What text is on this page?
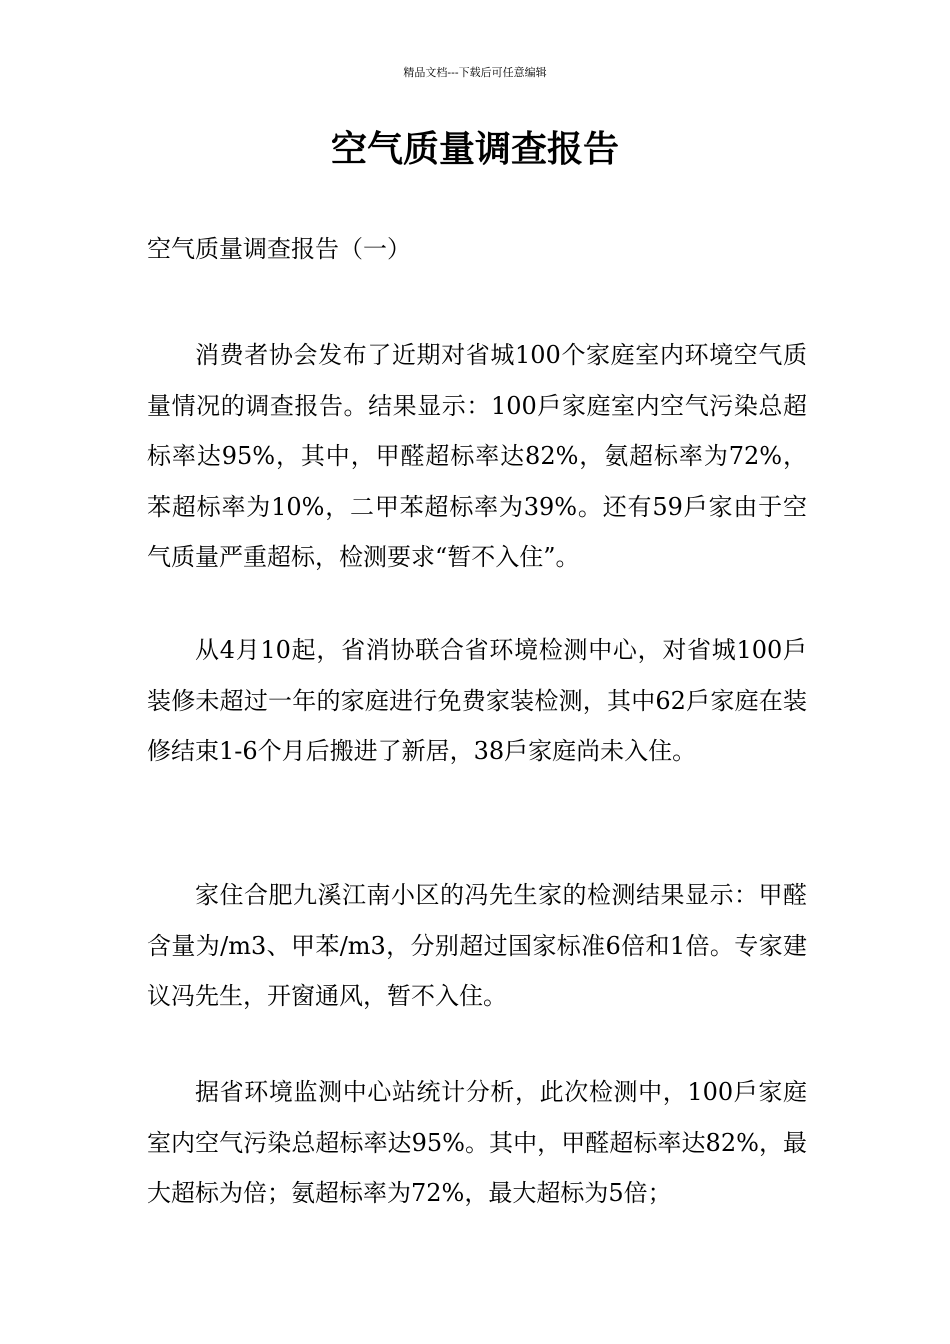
精品文档---下载后可任意编辑
空气质量调查报告

空气质量调查报告（一）

消费者协会发布了近期对省城100个家庭室内环境空气质量情况的调查报告。结果显示：100戶家庭室内空气污染总超标率达95%，其中，甲醛超标率达82%，氨超标率为72%，苯超标率为10%，二甲苯超标率为39%。还有59戶家由于空气质量严重超标，检测要求“暂不入住”。

从4月10起，省消协联合省环境检测中心，对省城100戶装修未超过一年的家庭进行免费家装检测，其中62戶家庭在装修结束1-6个月后搬进了新居，38戶家庭尚未入住。

家住合肥九溪江南小区的冯先生家的检测结果显示：甲醛含量为/m3、甲苯/m3，分别超过国家标准6倍和1倍。专家建议冯先生，开窗通风，暂不入住。

据省环境监测中心站统计分析，此次检测中，100戶家庭室内空气污染总超标率达95%。其中，甲醛超标率达82%，最大超标为倍；氨超标率为72%，最大超标为5倍；
